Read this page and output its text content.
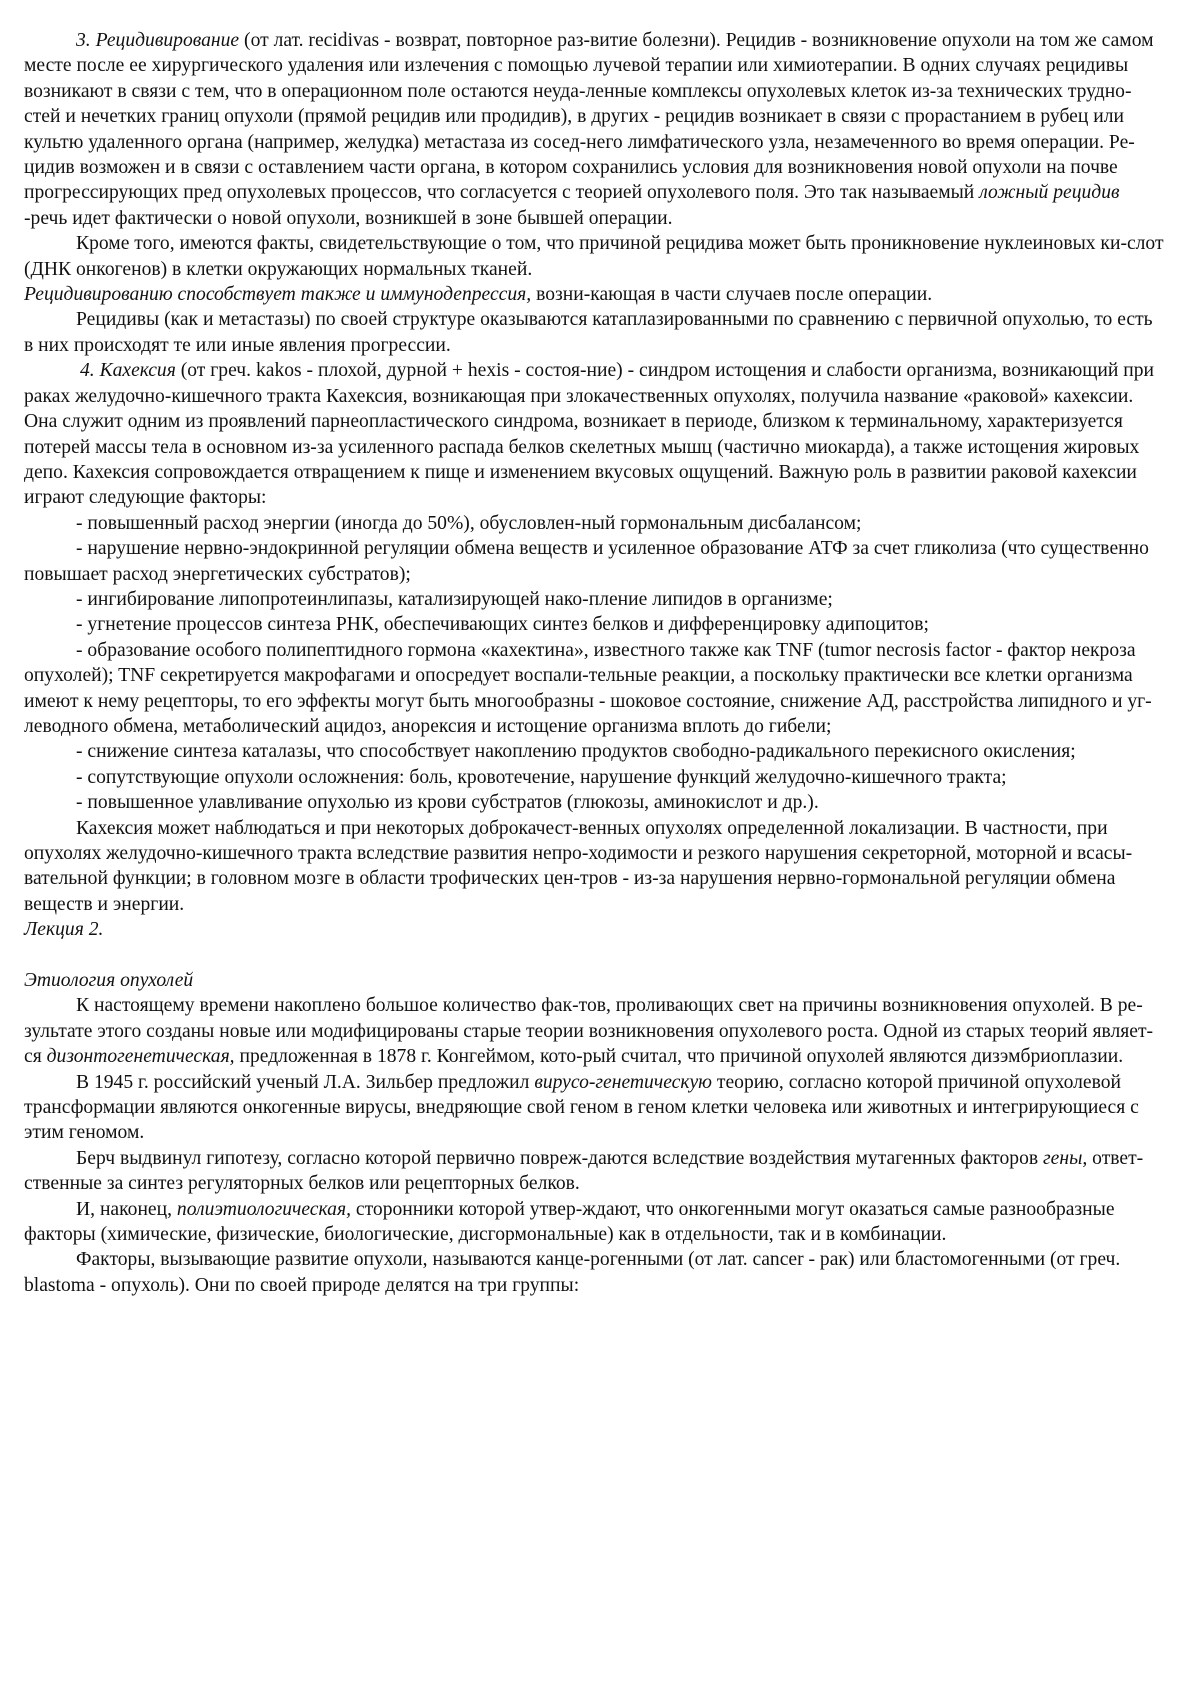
3. Рецидивирование (от лат. recidivas - возврат, повторное раз-витие болезни). Рецидив - возникновение опухоли на том же самом месте после ее хирургического удаления или излечения с помощью лучевой терапии или химиотерапии. В одних случаях рецидивы возникают в связи с тем, что в операционном поле остаются неуда-ленные комплексы опухолевых клеток из-за технических трудно- стей и нечетких границ опухоли (прямой рецидив или продидив), в других - рецидив возникает в связи с прорастанием в рубец или культю удаленного органа (например, желудка) метастаза из сосед-него лимфатического узла, незамеченного во время операции. Ре-цидив возможен и в связи с оставлением части органа, в котором сохранились условия для возникновения новой опухоли на почве прогрессирующих пред опухолевых процессов, что согласуется с теорией опухолевого поля. Это так называемый ложный рецидив -речь идет фактически о новой опухоли, возникшей в зоне бывшей операции.

Кроме того, имеются факты, свидетельствующие о том, что причиной рецидива может быть проникновение нуклеиновых ки-слот (ДНК онкогенов) в клетки окружающих нормальных тканей.

Рецидивированию способствует также и иммунодепрессия, возни-кающая в части случаев после операции.

Рецидивы (как и метастазы) по своей структуре оказываются катаплазированными по сравнению с первичной опухолью, то есть в них происходят те или иные явления прогрессии.

4. Кахексия (от греч. kakos - плохой, дурной + hexis - состоя-ние) - синдром истощения и слабости организма, возникающий при раках желудочно-кишечного тракта Кахексия, возникающая при злокачественных опухолях, получила название «раковой» кахексии. Она служит одним из проявлений парнеопластического синдрома, возникает в периоде, близком к терминальному, характеризуется потерей массы тела в основном из-за усиленного распада белков скелетных мышц (частично миокарда), а также истощения жировых депо. Кахексия сопровождается отвращением к пище и изменением вкусовых ощущений. Важную роль в развитии раковой кахексии играют следующие факторы:

- повышенный расход энергии (иногда до 50%), обусловлен-ный гормональным дисбалансом;

- нарушение нервно-эндокринной регуляции обмена веществ и усиленное образование АТФ за счет гликолиза (что существенно повышает расход энергетических субстратов);

- ингибирование липопротеинлипазы, катализирующей нако-пление липидов в организме;

- угнетение процессов синтеза РНК, обеспечивающих синтез белков и дифференцировку адипоцитов;

- образование особого полипептидного гормона «кахектина», известного также как TNF (tumor necrosis factor - фактор некроза опухолей); TNF секретируется макрофагами и опосредует воспали-тельные реакции, а поскольку практически все клетки организма имеют к нему рецепторы, то его эффекты могут быть многообразны - шоковое состояние, снижение АД, расстройства липидного и уг-леводного обмена, метаболический ацидоз, анорексия и истощение организма вплоть до гибели;

- снижение синтеза каталазы, что способствует накоплению продуктов свободно-радикального перекисного окисления;

- сопутствующие опухоли осложнения: боль, кровотечение, нарушение функций желудочно-кишечного тракта;

- повышенное улавливание опухолью из крови субстратов (глюкозы, аминокислот и др.).

Кахексия может наблюдаться и при некоторых доброкачест-венных опухолях определенной локализации. В частности, при опухолях желудочно-кишечного тракта вследствие развития непро-ходимости и резкого нарушения секреторной, моторной и всасы-вательной функции; в головном мозге в области трофических цен-тров - из-за нарушения нервно-гормональной регуляции обмена веществ и энергии.

Лекция 2.

Этиология опухолей

К настоящему времени накоплено большое количество фак-тов, проливающих свет на причины возникновения опухолей. В ре-зультате этого созданы новые или модифицированы старые теории возникновения опухолевого роста. Одной из старых теорий являет-ся дизонтогенетическая, предложенная в 1878 г. Конгеймом, кото-рый считал, что причиной опухолей являются дизэмбриоплазии.

В 1945 г. российский ученый Л.А. Зильбер предложил вирусо-генетическую теорию, согласно которой причиной опухолевой трансформации являются онкогенные вирусы, внедряющие свой геном в геном клетки человека или животных и интегрирующиеся с этим геномом.

Берч выдвинул гипотезу, согласно которой первично повреж-даются вследствие воздействия мутагенных факторов гены, ответ-ственные за синтез регуляторных белков или рецепторных белков.

И, наконец, полиэтиологическая, сторонники которой утвер-ждают, что онкогенными могут оказаться самые разнообразные факторы (химические, физические, биологические, дисгормональные) как в отдельности, так и в комбинации.

Факторы, вызывающие развитие опухоли, называются канце-рогенными (от лат. cancer - рак) или бластомогенными (от греч. blastoma - опухоль). Они по своей природе делятся на три группы:
